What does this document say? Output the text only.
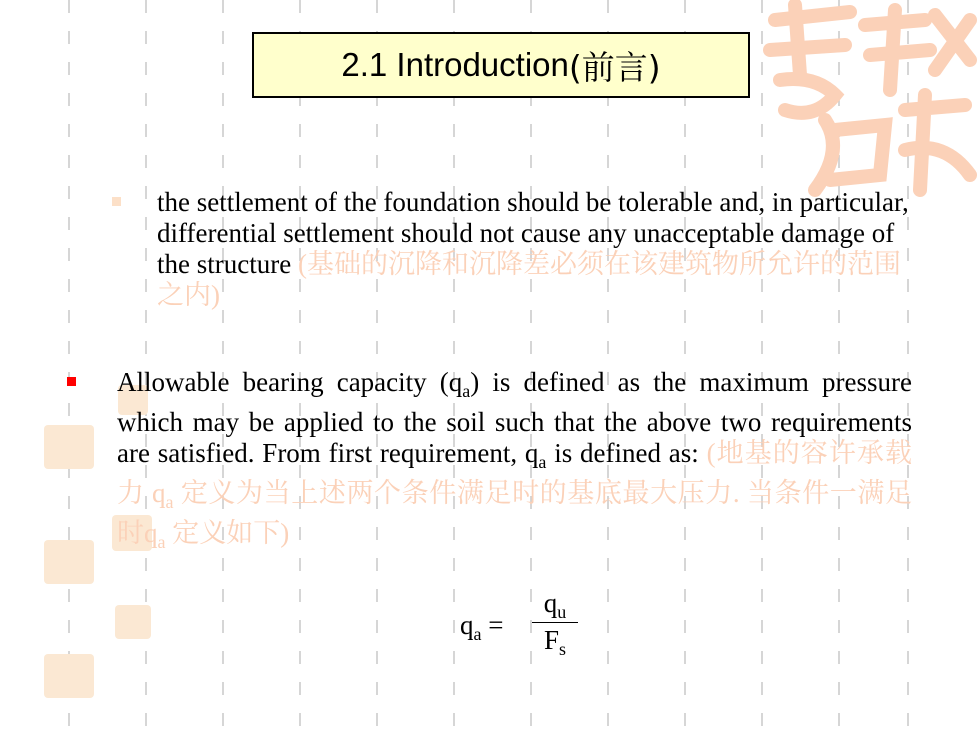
2.1 Introduction (前言)
the settlement of the foundation should be tolerable and, in particular, differential settlement should not cause any unacceptable damage of the structure (基础的沉降和沉降差必须在该建筑物所允许的范围之内)
Allowable bearing capacity $(q_a)$ is defined as the maximum pressure which may be applied to the soil such that the above two requirements are satisfied. From first requirement, $q_a$ is defined as: (地基的容许承载力 $q_a$ 定义为当上述两个条件满足时的基底最大压力. 当条件一满足时$q_a$ 定义如下)
$q_a = \frac{q_u}{F_s}$
